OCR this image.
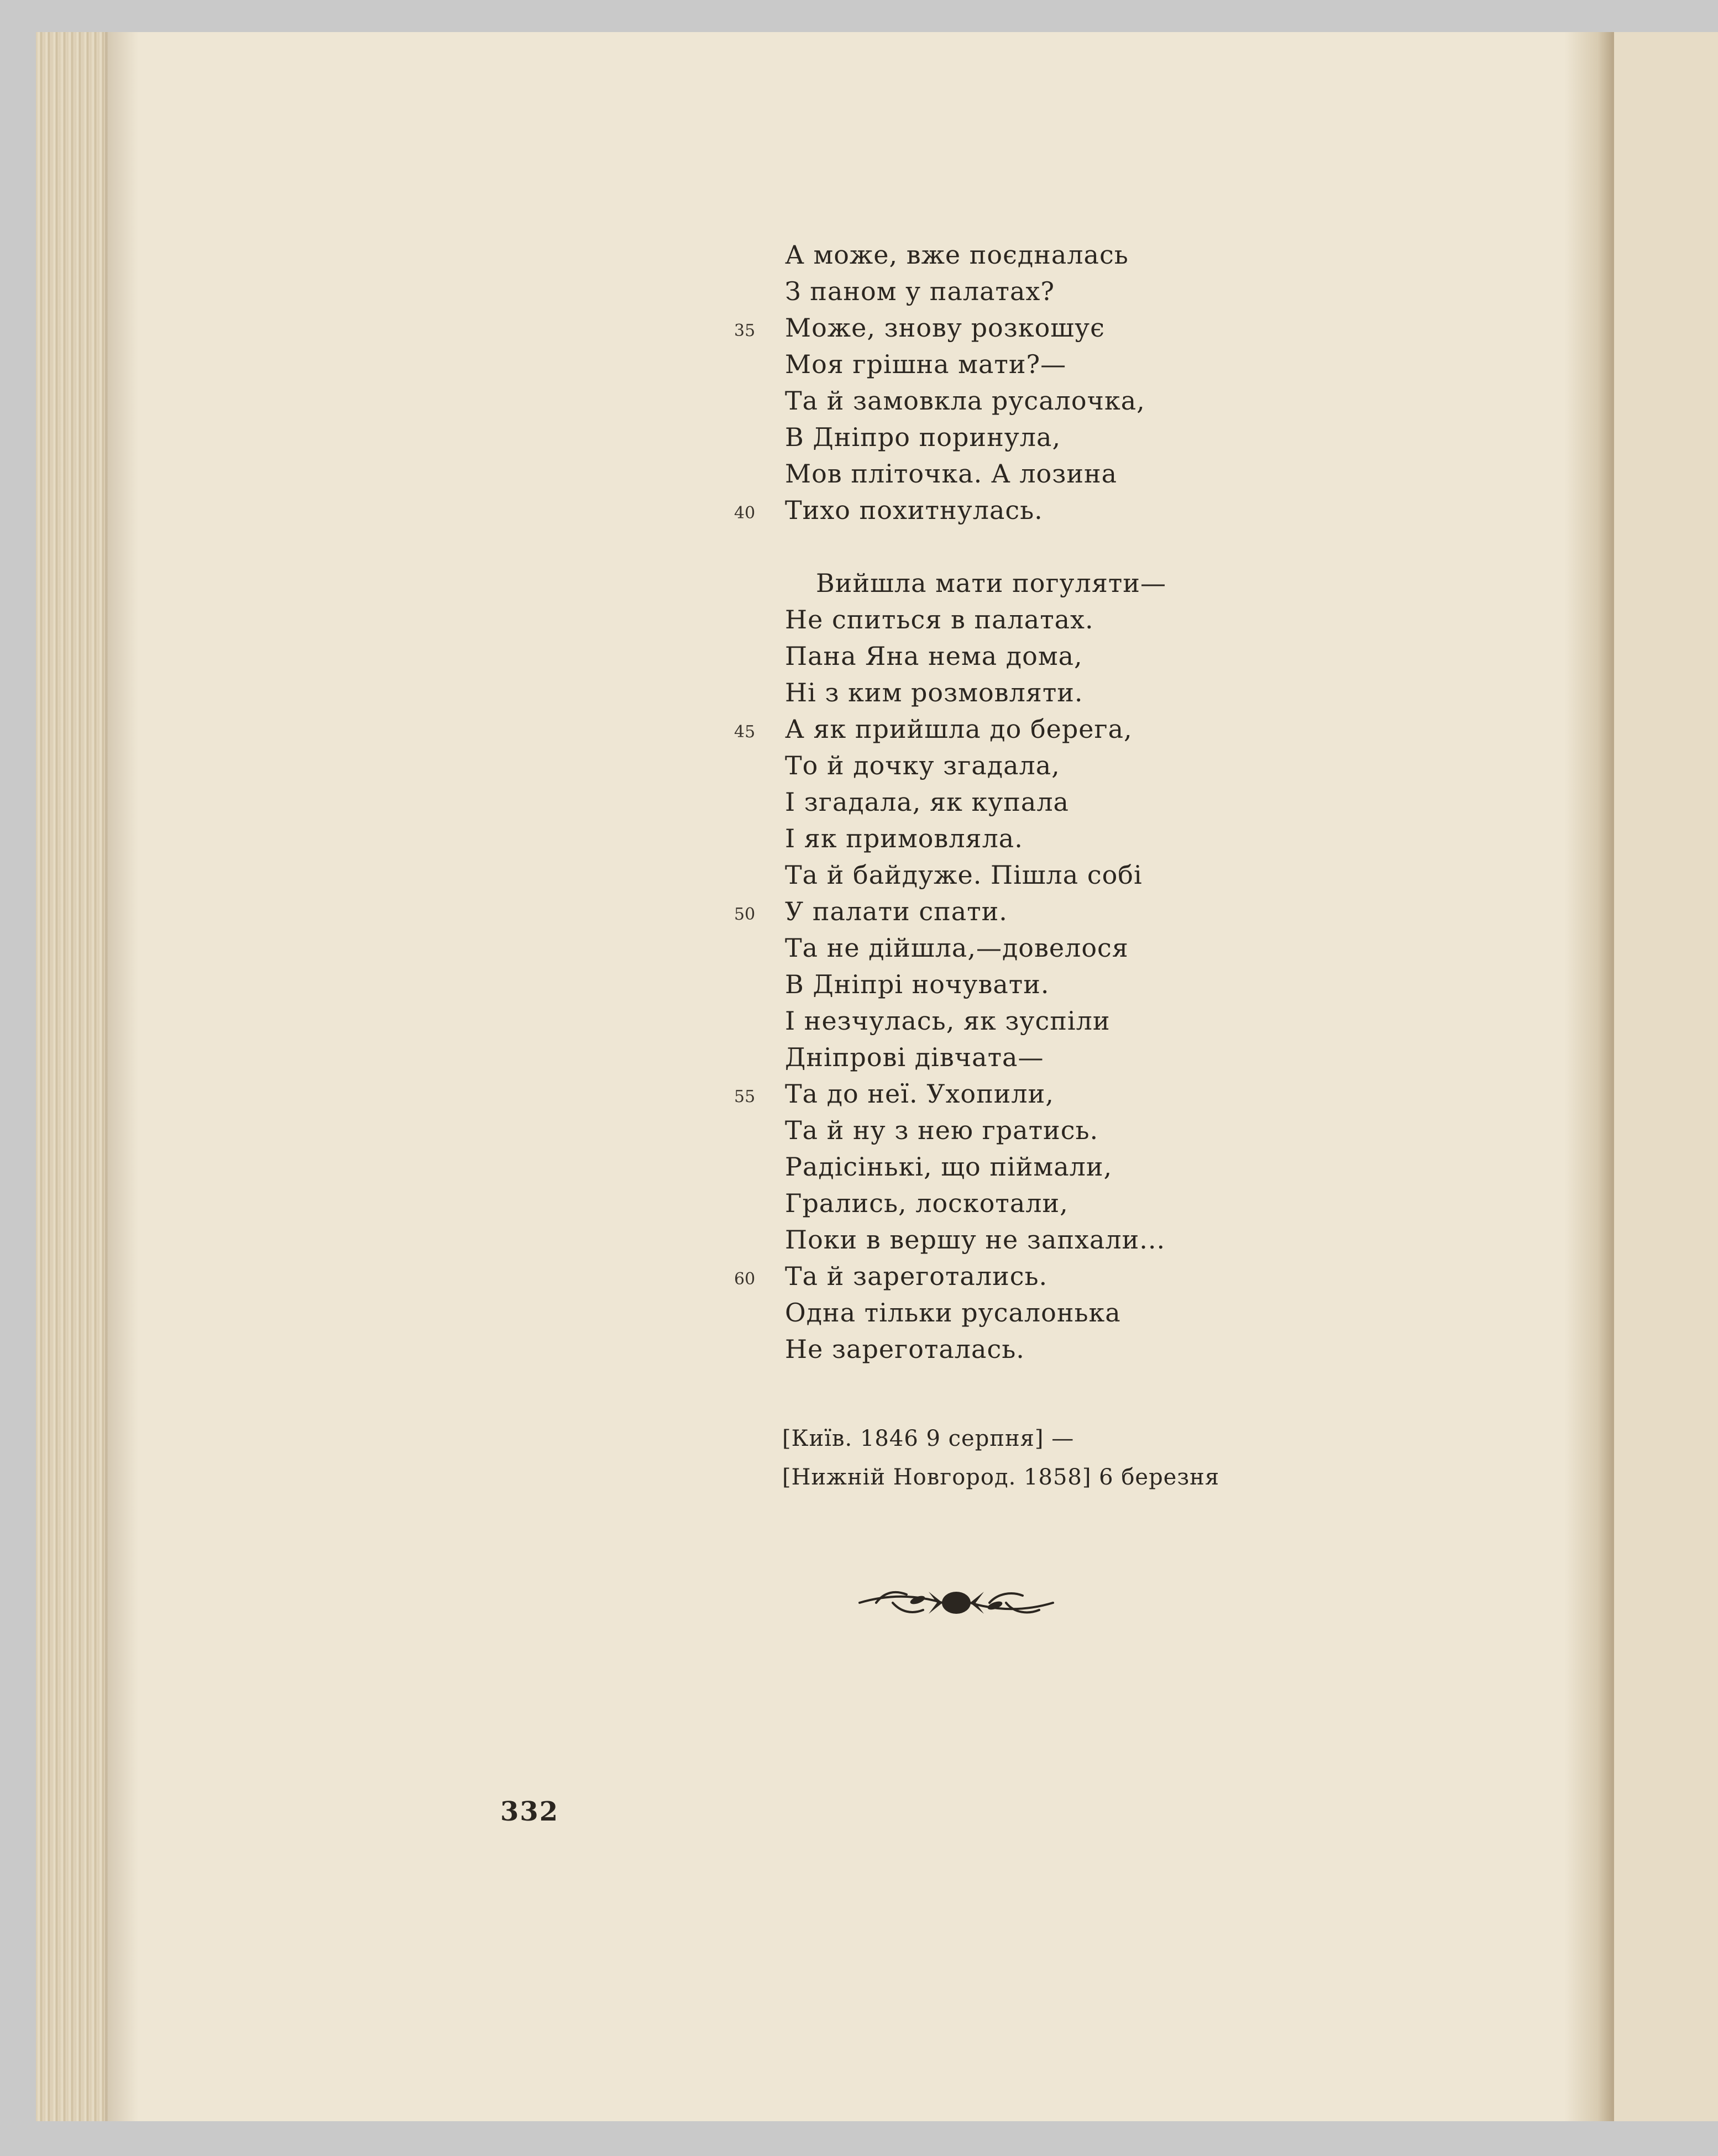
А може, вже поєдналась
З паном у палатах?
35 Може, знову розкошує
Моя грішна мати?—
Та й замовкла русалочка,
В Дніпро поринула,
Мов пліточка. А лозина
40 Тихо похитнулась.
Вийшла мати погуляти—
Не спиться в палатах.
Пана Яна нема дома,
Ні з ким розмовляти.
45 А як прийшла до берега,
То й дочку згадала,
І згадала, як купала
І як примовляла.
Та й байдуже. Пішла собі
50 У палати спати.
Та не дійшла,—довелося
В Дніпрі ночувати.
І незчулась, як зуспіли
Дніпрові дівчата—
55 Та до неї. Ухопили,
Та й ну з нею гратись.
Радісінькі, що піймали,
Грались, лоскотали,
Поки в вершу не запхали...
60 Та й зареготались.
Одна тільки русалонька
Не зареготалась.
[Київ. 1846 9 серпня] —
[Нижній Новгород. 1858] 6 березня
332
